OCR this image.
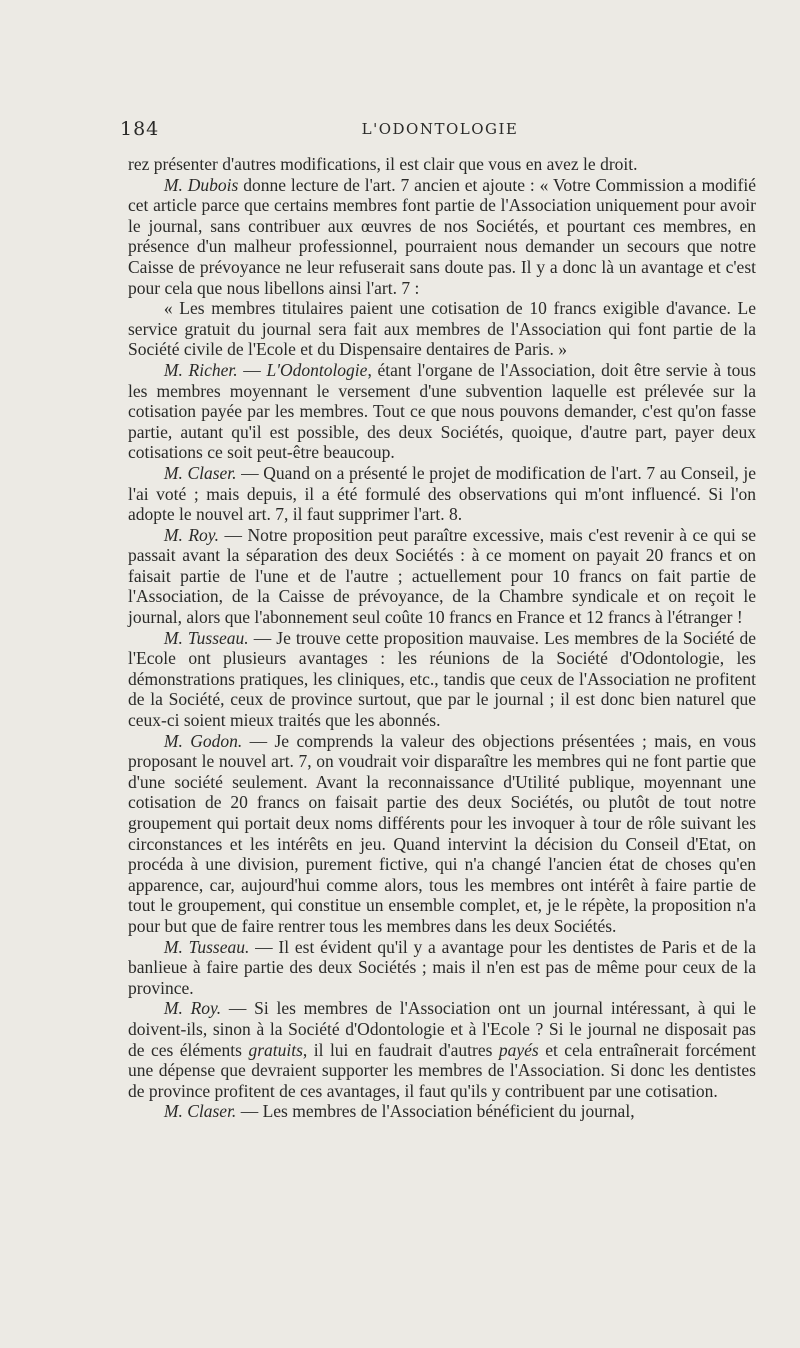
184	L'ODONTOLOGIE

rez présenter d'autres modifications, il est clair que vous en avez le droit.

M. Dubois donne lecture de l'art. 7 ancien et ajoute : « Votre Commission a modifié cet article parce que certains membres font partie de l'Association uniquement pour avoir le journal, sans contribuer aux œuvres de nos Sociétés, et pourtant ces membres, en présence d'un malheur professionnel, pourraient nous demander un secours que notre Caisse de prévoyance ne leur refuserait sans doute pas. Il y a donc là un avantage et c'est pour cela que nous libellons ainsi l'art. 7 :

« Les membres titulaires paient une cotisation de 10 francs exigible d'avance. Le service gratuit du journal sera fait aux membres de l'Association qui font partie de la Société civile de l'Ecole et du Dispensaire dentaires de Paris. »

M. Richer. — L'Odontologie, étant l'organe de l'Association, doit être servie à tous les membres moyennant le versement d'une subvention laquelle est prélevée sur la cotisation payée par les membres. Tout ce que nous pouvons demander, c'est qu'on fasse partie, autant qu'il est possible, des deux Sociétés, quoique, d'autre part, payer deux cotisations ce soit peut-être beaucoup.

M. Claser. — Quand on a présenté le projet de modification de l'art. 7 au Conseil, je l'ai voté ; mais depuis, il a été formulé des observations qui m'ont influencé. Si l'on adopte le nouvel art. 7, il faut supprimer l'art. 8.

M. Roy. — Notre proposition peut paraître excessive, mais c'est revenir à ce qui se passait avant la séparation des deux Sociétés : à ce moment on payait 20 francs et on faisait partie de l'une et de l'autre ; actuellement pour 10 francs on fait partie de l'Association, de la Caisse de prévoyance, de la Chambre syndicale et on reçoit le journal, alors que l'abonnement seul coûte 10 francs en France et 12 francs à l'étranger !

M. Tusseau. — Je trouve cette proposition mauvaise. Les membres de la Société de l'Ecole ont plusieurs avantages : les réunions de la Société d'Odontologie, les démonstrations pratiques, les cliniques, etc., tandis que ceux de l'Association ne profitent de la Société, ceux de province surtout, que par le journal ; il est donc bien naturel que ceux-ci soient mieux traités que les abonnés.

M. Godon. — Je comprends la valeur des objections présentées ; mais, en vous proposant le nouvel art. 7, on voudrait voir disparaître les membres qui ne font partie que d'une société seulement. Avant la reconnaissance d'Utilité publique, moyennant une cotisation de 20 francs on faisait partie des deux Sociétés, ou plutôt de tout notre groupement qui portait deux noms différents pour les invoquer à tour de rôle suivant les circonstances et les intérêts en jeu. Quand intervint la décision du Conseil d'Etat, on procéda à une division, purement fictive, qui n'a changé l'ancien état de choses qu'en apparence, car, aujourd'hui comme alors, tous les membres ont intérêt à faire partie de tout le groupement, qui constitue un ensemble complet, et, je le répète, la proposition n'a pour but que de faire rentrer tous les membres dans les deux Sociétés.

M. Tusseau. — Il est évident qu'il y a avantage pour les dentistes de Paris et de la banlieue à faire partie des deux Sociétés ; mais il n'en est pas de même pour ceux de la province.

M. Roy. — Si les membres de l'Association ont un journal intéressant, à qui le doivent-ils, sinon à la Société d'Odontologie et à l'Ecole ? Si le journal ne disposait pas de ces éléments gratuits, il lui en faudrait d'autres payés et cela entraînerait forcément une dépense que devraient supporter les membres de l'Association. Si donc les dentistes de province profitent de ces avantages, il faut qu'ils y contribuent par une cotisation.

M. Claser. — Les membres de l'Association bénéficient du journal,
